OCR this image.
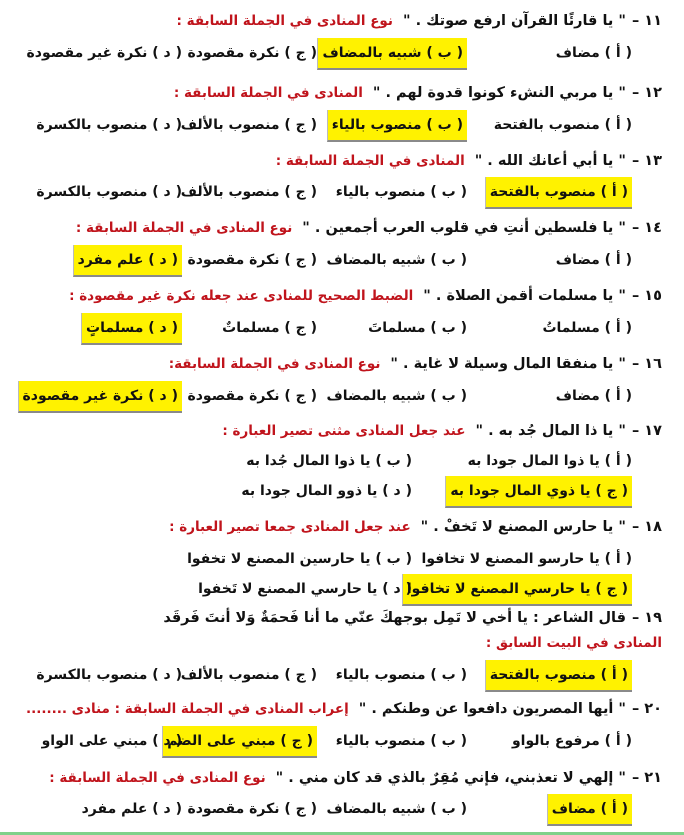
١١ –" يا قارئًا القرآن ارفع صوتك . "نوع المنادى في الجملة السابقة :
( أ ) مضاف
( ب ) شبيه بالمضاف
( ج ) نكرة مقصودة
( د ) نكرة غير مقصودة
١٢ –" يا مربي النشء كونوا قدوة لهم . "المنادى في الجملة السابقة :
( أ ) منصوب بالفتحة
( ب ) منصوب بالياء
( ج ) منصوب بالألف
( د ) منصوب بالكسرة
١٣ –" يا أبي أعانك الله . "المنادى في الجملة السابقة :
( أ ) منصوب بالفتحة
( ب ) منصوب بالياء
( ج ) منصوب بالألف
( د ) منصوب بالكسرة
١٤ –" يا فلسطين أنتِ في قلوب العرب أجمعين . "نوع المنادى في الجملة السابقة :
( أ ) مضاف
( ب ) شبيه بالمضاف
( ج ) نكرة مقصودة
( د ) علم مفرد
١٥ –" يا مسلمات أقمن الصلاة . "الضبط الصحيح للمنادى عند جعله نكرة غير مقصودة :
( أ ) مسلماتُ
( ب ) مسلماتَ
( ج ) مسلماتٌ
( د ) مسلماتٍ
١٦ –" يا منفقا المال وسيلة لا غاية . "نوع المنادى في الجملة السابقة:
( أ ) مضاف
( ب ) شبيه بالمضاف
( ج ) نكرة مقصودة
( د ) نكرة غير مقصودة
١٧ –" يا ذا المال جُد به . "عند جعل المنادى مثنى تصير العبارة :
( أ ) يا ذوا المال جودا به
( ب ) يا ذوا المال جُدا به
( ج ) يا ذوي المال جودا به
( د ) يا ذوو المال جودا به
١٨ –" يا حارس المصنع لا تَخفْ . "عند جعل المنادى جمعا تصير العبارة :
( أ ) يا حارسو المصنع لا تخافوا
( ب ) يا حارسين المصنع لا تخفوا
( ج ) يا حارسي المصنع لا تخافوا
( د ) يا حارسي المصنع لا تَخفوا
١٩ –قال الشاعر : يا أخي لا تَمِل بوجهكَ عنّي ما أنا فَحمَةٌ وَلا أنتَ فَرقَد
المنادى في البيت السابق :
( أ ) منصوب بالفتحة
( ب ) منصوب بالياء
( ج ) منصوب بالألف
( د ) منصوب بالكسرة
٢٠ –" أيها المصريون دافعوا عن وطنكم . "إعراب المنادى في الجملة السابقة : منادى ........
( أ ) مرفوع بالواو
( ب ) منصوب بالياء
( ج ) مبني على الضم
( د ) مبني على الواو
٢١ –" إلهي لا تعذبني، فإني مُقِرٌ بالذي قد كان مني . "نوع المنادى في الجملة السابقة :
( أ ) مضاف
( ب ) شبيه بالمضاف
( ج ) نكرة مقصودة
( د ) علم مفرد
